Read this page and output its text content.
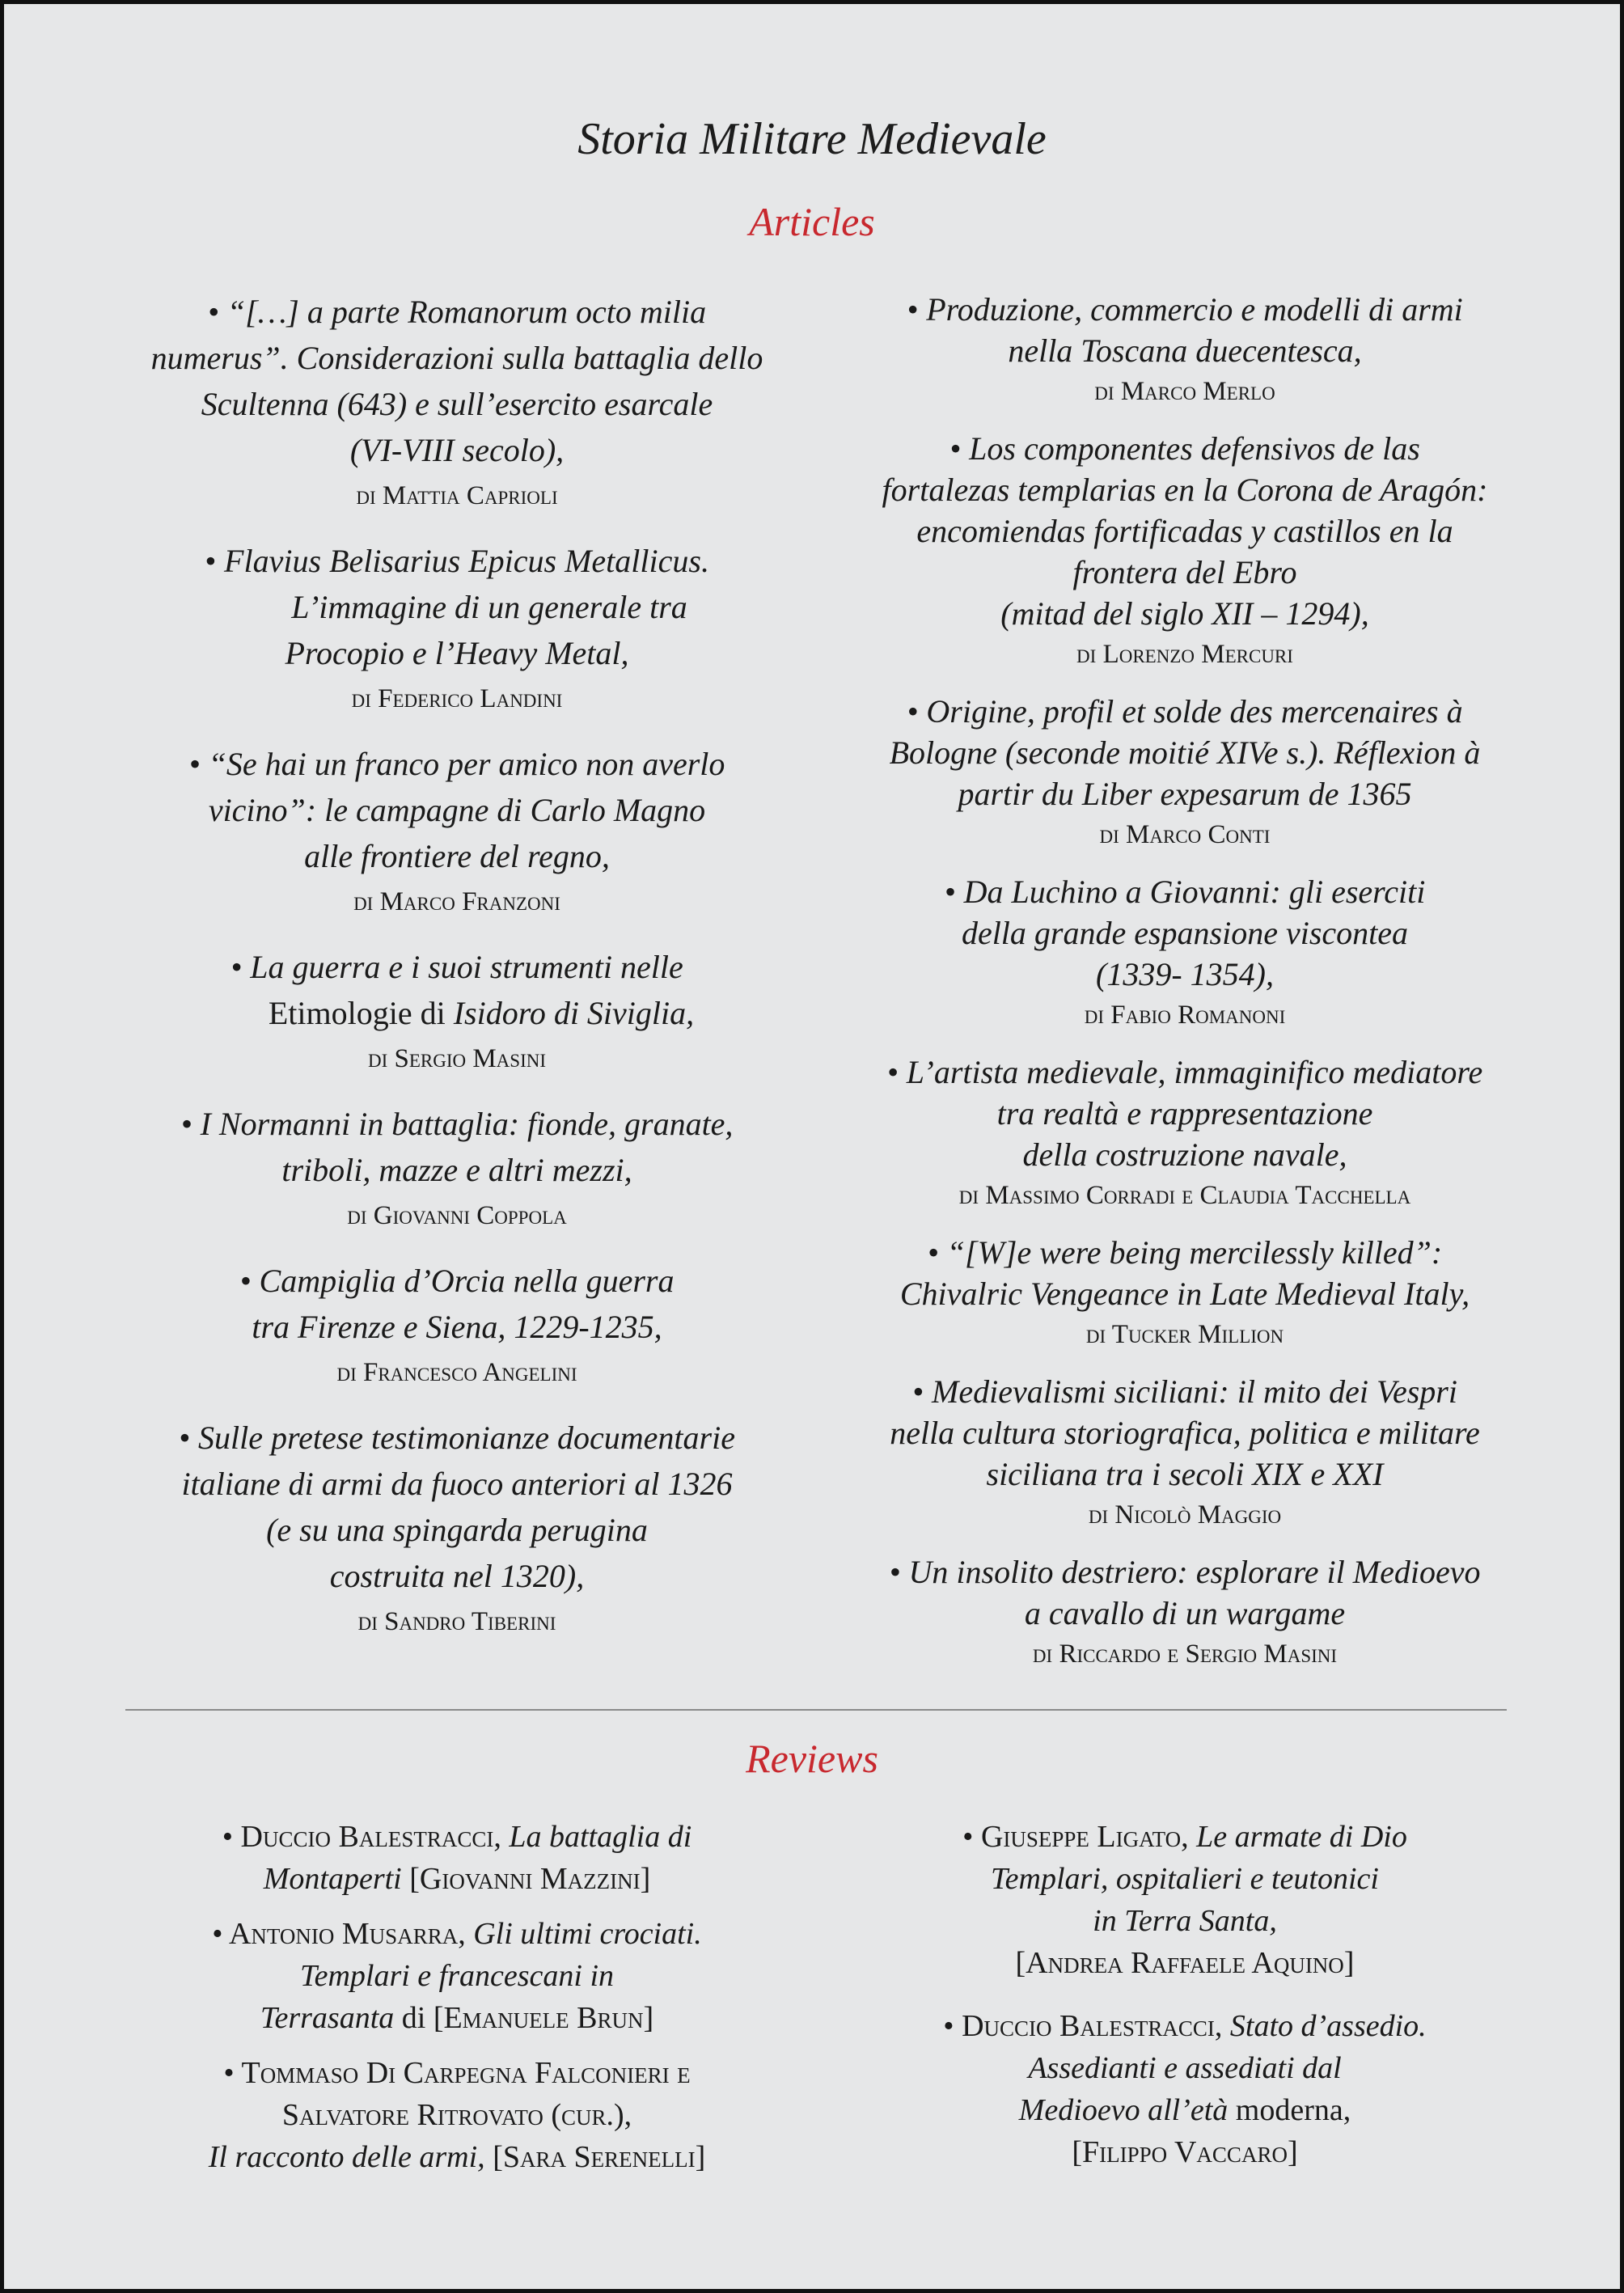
Storia Militare Medievale
Articles
• “[…] a parte Romanorum octo milia
numerus”. Considerazioni sulla battaglia dello
Scultenna (643) e sull’esercito esarcale
(VI-VIII secolo),
di Mattia Caprioli
• Flavius Belisarius Epicus Metallicus.
L’immagine di un generale tra
Procopio e l’Heavy Metal,
di Federico Landini
• “Se hai un franco per amico non averlo
vicino”: le campagne di Carlo Magno
alle frontiere del regno,
di Marco Franzoni
• La guerra e i suoi strumenti nelle
Etimologie di Isidoro di Siviglia,
di Sergio Masini
• I Normanni in battaglia: fionde, granate,
triboli, mazze e altri mezzi,
di Giovanni Coppola
• Campiglia d’Orcia nella guerra
tra Firenze e Siena, 1229-1235,
di Francesco Angelini
• Sulle pretese testimonianze documentarie
italiane di armi da fuoco anteriori al 1326
(e su una spingarda perugina
costruita nel 1320),
di Sandro Tiberini
• Produzione, commercio e modelli di armi
nella Toscana duecentesca,
di Marco Merlo
• Los componentes defensivos de las
fortalezas templarias en la Corona de Aragón:
encomiendas fortificadas y castillos en la
frontera del Ebro
(mitad del siglo XII – 1294),
di Lorenzo Mercuri
• Origine, profil et solde des mercenaires à
Bologne (seconde moitié XIVe s.). Réflexion à
partir du Liber expesarum de 1365
di Marco Conti
• Da Luchino a Giovanni: gli eserciti
della grande espansione viscontea
(1339- 1354),
di Fabio Romanoni
• L’artista medievale, immaginifico mediatore
tra realtà e rappresentazione
della costruzione navale,
di Massimo Corradi e Claudia Tacchella
• “[W]e were being mercilessly killed”:
Chivalric Vengeance in Late Medieval Italy,
di Tucker Million
• Medievalismi siciliani: il mito dei Vespri
nella cultura storiografica, politica e militare
siciliana tra i secoli XIX e XXI
di Nicolò Maggio
• Un insolito destriero: esplorare il Medioevo
a cavallo di un wargame
di Riccardo e Sergio Masini
Reviews
• Duccio Balestracci, La battaglia di
Montaperti [Giovanni Mazzini]
• Antonio Musarra, Gli ultimi crociati.
Templari e francescani in
Terrasanta di [Emanuele Brun]
• Tommaso Di Carpegna Falconieri e
Salvatore Ritrovato (cur.),
Il racconto delle armi, [Sara Serenelli]
• Giuseppe Ligato, Le armate di Dio
Templari, ospitalieri e teutonici
in Terra Santa,
[Andrea Raffaele Aquino]
• Duccio Balestracci, Stato d’assedio.
Assedianti e assediati dal
Medioevo all’età moderna,
[Filippo Vaccaro]
